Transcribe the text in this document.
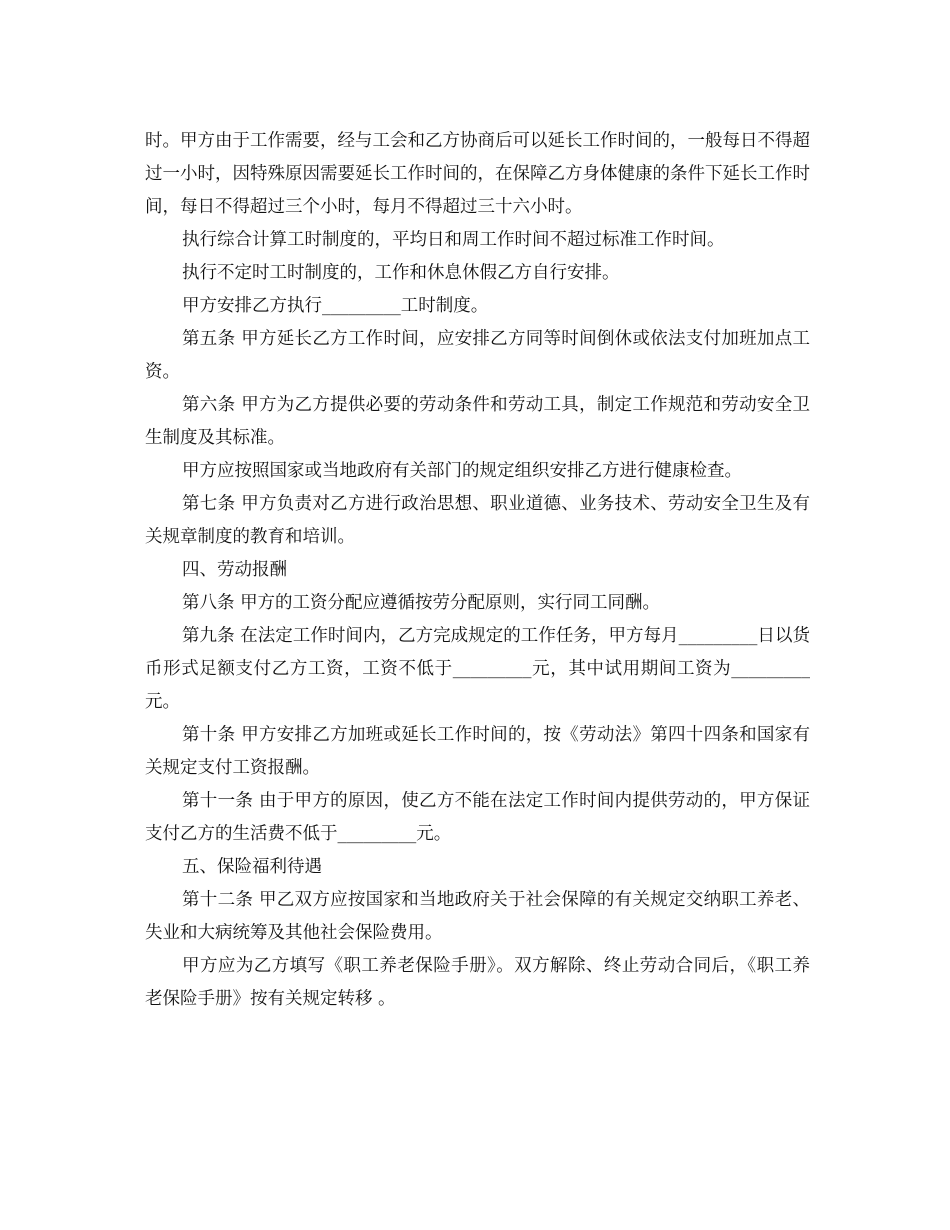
时。甲方由于工作需要，经与工会和乙方协商后可以延长工作时间的，一般每日不得超过一小时，因特殊原因需要延长工作时间的，在保障乙方身体健康的条件下延长工作时间，每日不得超过三个小时，每月不得超过三十六小时。

执行综合计算工时制度的，平均日和周工作时间不超过标准工作时间。

执行不定时工时制度的，工作和休息休假乙方自行安排。

甲方安排乙方执行_________工时制度。

第五条 甲方延长乙方工作时间，应安排乙方同等时间倒休或依法支付加班加点工资。

第六条 甲方为乙方提供必要的劳动条件和劳动工具，制定工作规范和劳动安全卫生制度及其标准。

甲方应按照国家或当地政府有关部门的规定组织安排乙方进行健康检查。

第七条 甲方负责对乙方进行政治思想、职业道德、业务技术、劳动安全卫生及有关规章制度的教育和培训。

四、劳动报酬

第八条 甲方的工资分配应遵循按劳分配原则，实行同工同酬。

第九条 在法定工作时间内，乙方完成规定的工作任务，甲方每月_________日以货币形式足额支付乙方工资，工资不低于_________元，其中试用期间工资为_________元。

第十条 甲方安排乙方加班或延长工作时间的，按《劳动法》第四十四条和国家有关规定支付工资报酬。

第十一条 由于甲方的原因，使乙方不能在法定工作时间内提供劳动的，甲方保证支付乙方的生活费不低于_________元。

五、保险福利待遇

第十二条 甲乙双方应按国家和当地政府关于社会保障的有关规定交纳职工养老、失业和大病统筹及其他社会保险费用。

甲方应为乙方填写《职工养老保险手册》。双方解除、终止劳动合同后，《职工养老保险手册》按有关规定转移 。
